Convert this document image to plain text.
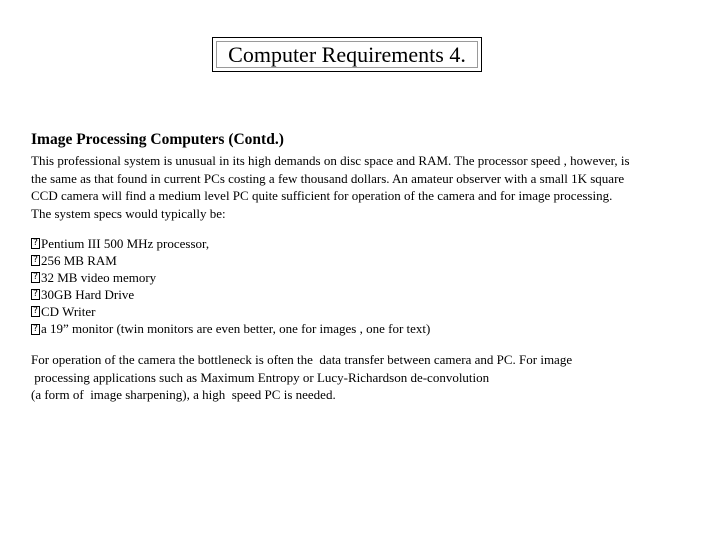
Computer Requirements 4.
Image Processing Computers (Contd.)
This professional system is unusual in its high demands on disc space and RAM. The processor speed , however, is
the same as that found in current PCs costing a few thousand dollars. An amateur observer with a small 1K square
CCD camera will find a medium level PC quite sufficient for operation of the camera and for image processing.
The system specs would typically be:
?
Pentium III 500 MHz processor,
?
256 MB RAM
?
32 MB video memory
?
30GB Hard Drive
?
CD Writer
?
a 19” monitor (twin monitors are even better, one for images , one for text)
For operation of the camera the bottleneck is often the  data transfer between camera and PC. For image
processing applications such as Maximum Entropy or Lucy-Richardson de-convolution
(a form of  image sharpening), a high  speed PC is needed.
